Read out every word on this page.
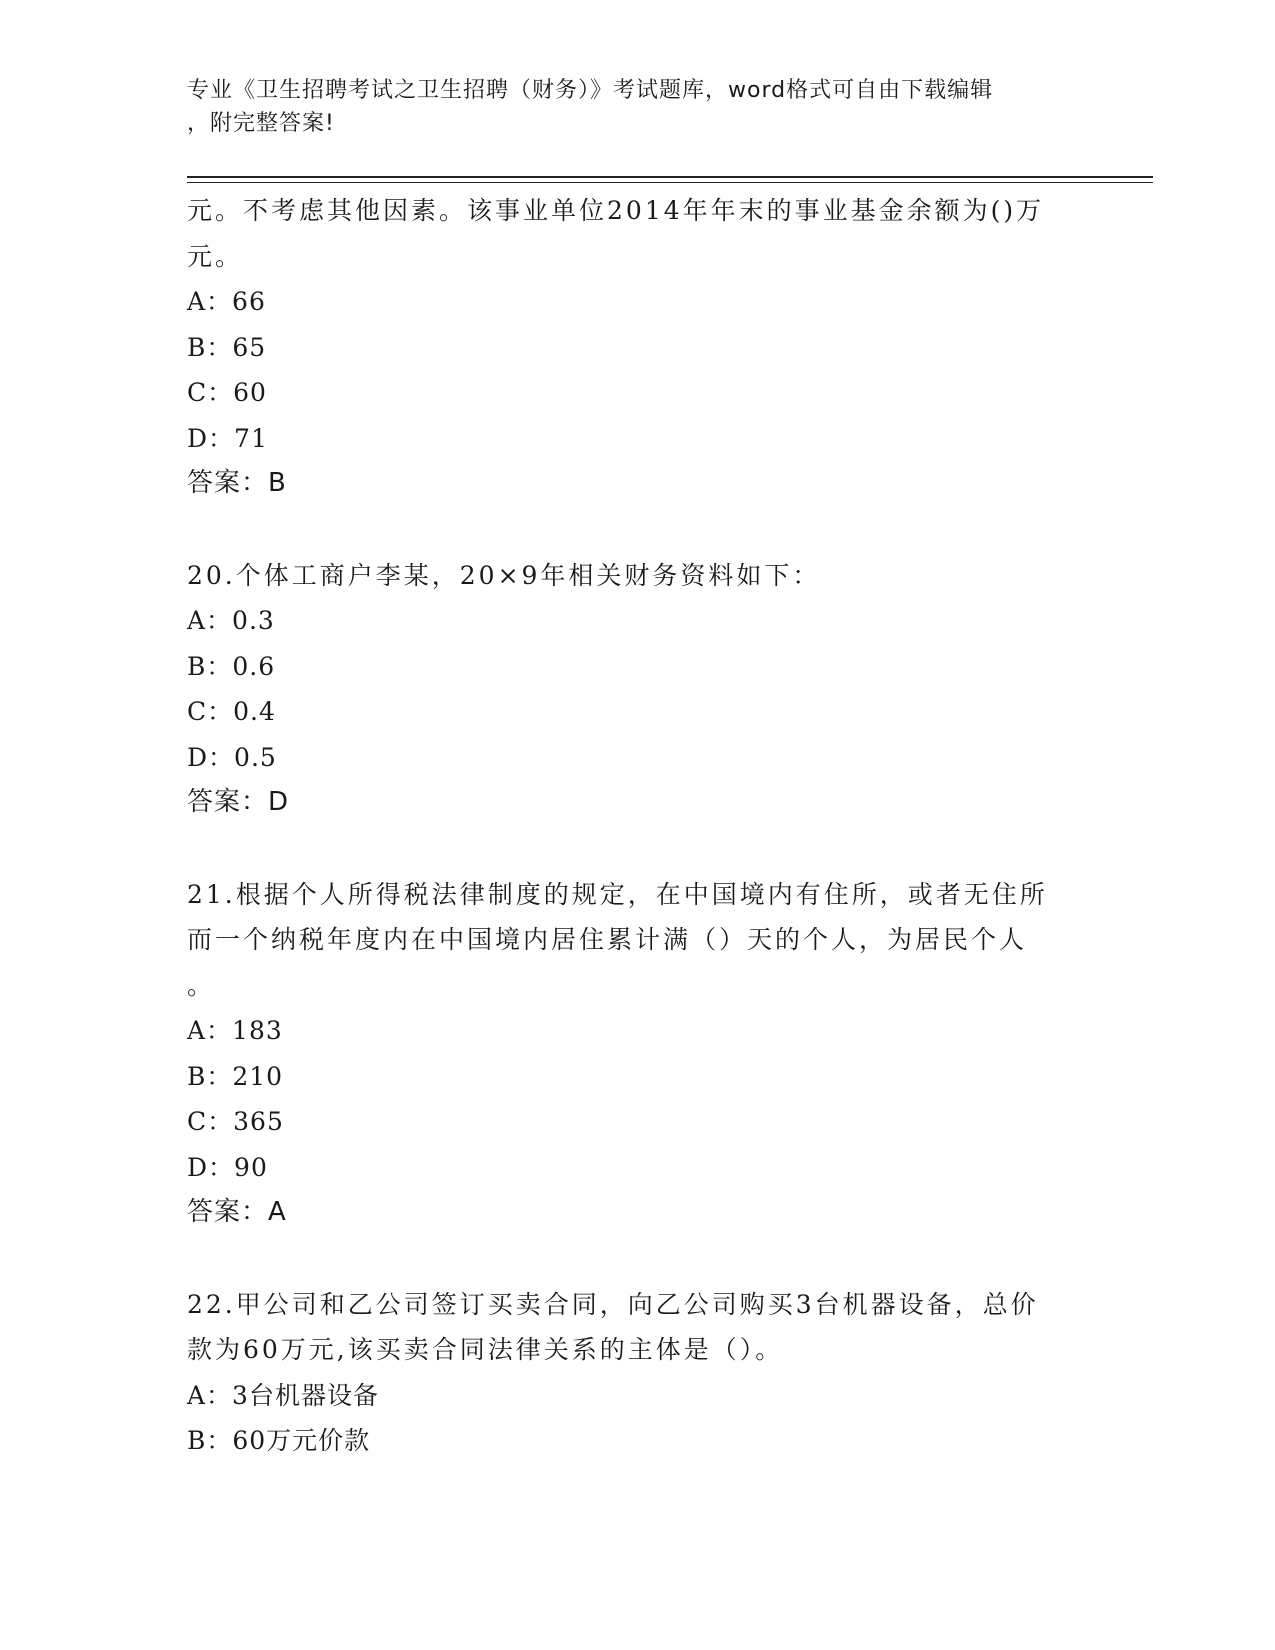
专业《卫生招聘考试之卫生招聘（财务）》考试题库，word格式可自由下载编辑
，附完整答案!
元。不考虑其他因素。该事业单位2014年年末的事业基金余额为()万
元。
A：66
B：65
C：60
D：71
答案：B
20.个体工商户李某，20×9年相关财务资料如下：
A：0.3
B：0.6
C：0.4
D：0.5
答案：D
21.根据个人所得税法律制度的规定，在中国境内有住所，或者无住所
而一个纳税年度内在中国境内居住累计满（）天的个人，为居民个人
。
A：183
B：210
C：365
D：90
答案：A
22.甲公司和乙公司签订买卖合同，向乙公司购买3台机器设备，总价
款为60万元,该买卖合同法律关系的主体是（）。
A：3台机器设备
B：60万元价款
